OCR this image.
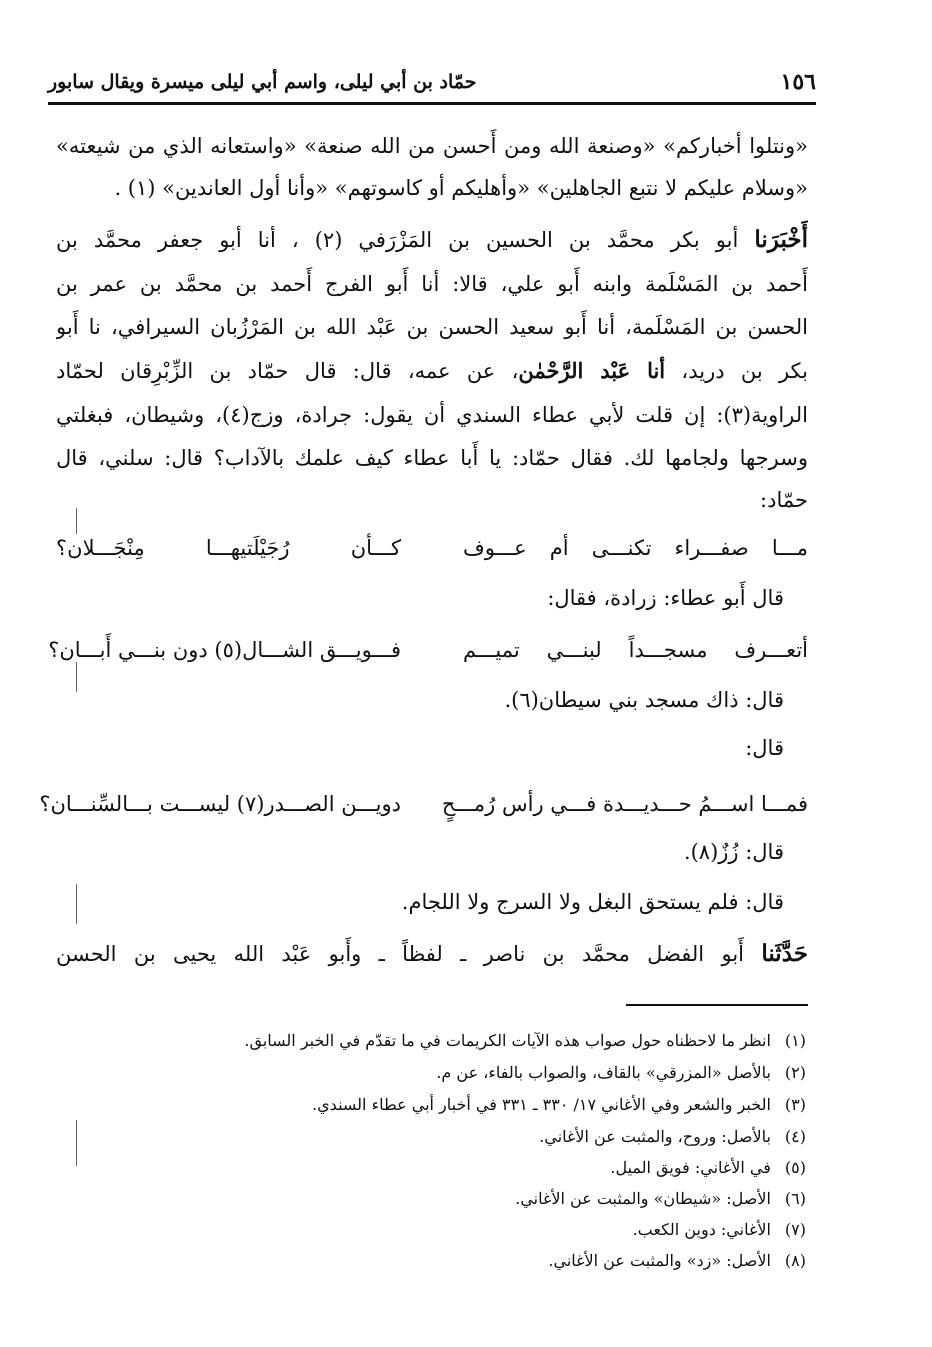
١٥٦
حمّاد بن أبي ليلى، واسم أبي ليلى ميسرة ويقال سابور
«ونتلوا أخباركم» «وصنعة الله ومن أَحسن من الله صنعة» «واستعانه الذي من شيعته»
«وسلام عليكم لا نتبع الجاهلين» «وأهليكم أو كاسوتهم» «وأنا أول العاندين» (١) .
أَخْبَرَنا أبو بكر محمَّد بن الحسين بن المَزْرَفي (٢) ، أنا أبو جعفر محمَّد بن
أَحمد بن المَسْلَمة وابنه أَبو علي، قالا: أنا أَبو الفرج أَحمد بن محمَّد بن عمر بن
الحسن بن المَسْلَمة، أنا أَبو سعيد الحسن بن عَبْد الله بن المَرْزُبان السيرافي، نا أَبو
بكر بن دريد، أنا عَبْد الرَّحْمٰن، عن عمه، قال: قال حمّاد بن الزِّبْرِقان لحمّاد
الراوية(٣): إن قلت لأبي عطاء السندي أن يقول: جرادة، وزج(٤)، وشيطان، فبغلتي
وسرجها ولجامها لك. فقال حمّاد: يا أَبا عطاء كيف علمك بالآداب؟ قال: سلني، قال
حمّاد:
مـــا صفـــراء تكنـــى أم عـــوف
كـــأن رُجَيْلَتيهـــا مِنْجَـــلان؟
قال أَبو عطاء: زرادة، فقال:
أتعـــرف مسجـــداً لبنـــي تميـــم
فـــويـــق الشـــال(٥) دون بنـــي أَبـــان؟
قال: ذاك مسجد بني سيطان(٦).
قال:
فمـــا اســـمُ حـــديـــدة فـــي رأس رُمـــحٍ
دويـــن الصـــدر(٧) ليســـت بـــالسِّنـــان؟
قال: زُزٌ(٨).
قال: فلم يستحق البغل ولا السرج ولا اللجام.
حَدَّثَنا أَبو الفضل محمَّد بن ناصر ـ لفظاً ـ وأَبو عَبْد الله يحيى بن الحسن
(١)انظر ما لاحظناه حول صواب هذه الآيات الكريمات في ما تقدّم في الخبر السابق.
(٢)بالأصل «المزرقي» بالقاف، والصواب بالفاء، عن م.
(٣)الخبر والشعر وفي الأغاني ١٧/ ٣٣٠ ـ ٣٣١ في أخبار أبي عطاء السندي.
(٤)بالأصل: وروح، والمثبت عن الأغاني.
(٥)في الأغاني: فويق الميل.
(٦)الأصل: «شيطان» والمثبت عن الأغاني.
(٧)الأغاني: دوين الكعب.
(٨)الأصل: «زد» والمثبت عن الأغاني.
